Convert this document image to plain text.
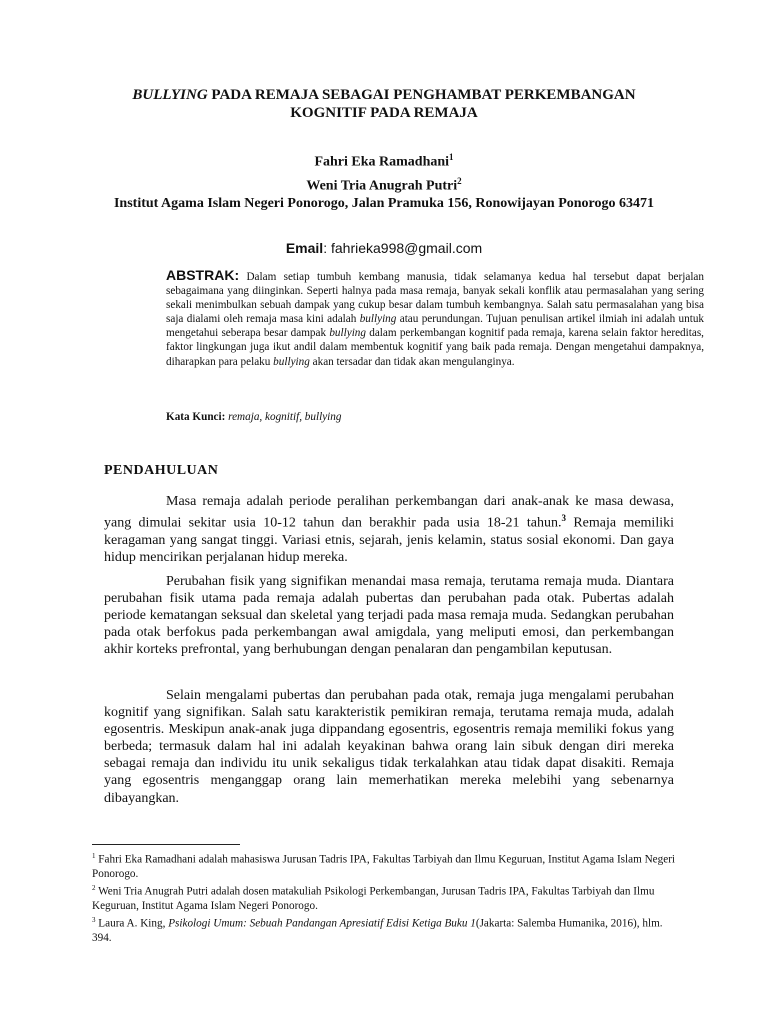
BULLYING PADA REMAJA SEBAGAI PENGHAMBAT PERKEMBANGAN KOGNITIF PADA REMAJA
Fahri Eka Ramadhani$^1$
Weni Tria Anugrah Putri$^2$
Institut Agama Islam Negeri Ponorogo, Jalan Pramuka 156, Ronowijayan Ponorogo 63471
Email: fahrieka998@gmail.com
ABSTRAK: Dalam setiap tumbuh kembang manusia, tidak selamanya kedua hal tersebut dapat berjalan sebagaimana yang diinginkan. Seperti halnya pada masa remaja, banyak sekali konflik atau permasalahan yang sering sekali menimbulkan sebuah dampak yang cukup besar dalam tumbuh kembangnya. Salah satu permasalahan yang bisa saja dialami oleh remaja masa kini adalah bullying atau perundungan. Tujuan penulisan artikel ilmiah ini adalah untuk mengetahui seberapa besar dampak bullying dalam perkembangan kognitif pada remaja, karena selain faktor hereditas, faktor lingkungan juga ikut andil dalam membentuk kognitif yang baik pada remaja. Dengan mengetahui dampaknya, diharapkan para pelaku bullying akan tersadar dan tidak akan mengulanginya.
Kata Kunci: remaja, kognitif, bullying
PENDAHULUAN
Masa remaja adalah periode peralihan perkembangan dari anak-anak ke masa dewasa, yang dimulai sekitar usia 10-12 tahun dan berakhir pada usia 18-21 tahun.$^3$ Remaja memiliki keragaman yang sangat tinggi. Variasi etnis, sejarah, jenis kelamin, status sosial ekonomi. Dan gaya hidup mencirikan perjalanan hidup mereka.
Perubahan fisik yang signifikan menandai masa remaja, terutama remaja muda. Diantara perubahan fisik utama pada remaja adalah pubertas dan perubahan pada otak. Pubertas adalah periode kematangan seksual dan skeletal yang terjadi pada masa remaja muda. Sedangkan perubahan pada otak berfokus pada perkembangan awal amigdala, yang meliputi emosi, dan perkembangan akhir korteks prefrontal, yang berhubungan dengan penalaran dan pengambilan keputusan.
Selain mengalami pubertas dan perubahan pada otak, remaja juga mengalami perubahan kognitif yang signifikan. Salah satu karakteristik pemikiran remaja, terutama remaja muda, adalah egosentris. Meskipun anak-anak juga dippandang egosentris, egosentris remaja memiliki fokus yang berbeda; termasuk dalam hal ini adalah keyakinan bahwa orang lain sibuk dengan diri mereka sebagai remaja dan individu itu unik sekaligus tidak terkalahkan atau tidak dapat disakiti. Remaja yang egosentris menganggap orang lain memerhatikan mereka melebihi yang sebenarnya dibayangkan.
$^1$ Fahri Eka Ramadhani adalah mahasiswa Jurusan Tadris IPA, Fakultas Tarbiyah dan Ilmu Keguruan, Institut Agama Islam Negeri Ponorogo.
$^2$ Weni Tria Anugrah Putri adalah dosen matakuliah Psikologi Perkembangan, Jurusan Tadris IPA, Fakultas Tarbiyah dan Ilmu Keguruan, Institut Agama Islam Negeri Ponorogo.
$^3$ Laura A. King, Psikologi Umum: Sebuah Pandangan Apresiatif Edisi Ketiga Buku 1(Jakarta: Salemba Humanika, 2016), hlm. 394.
